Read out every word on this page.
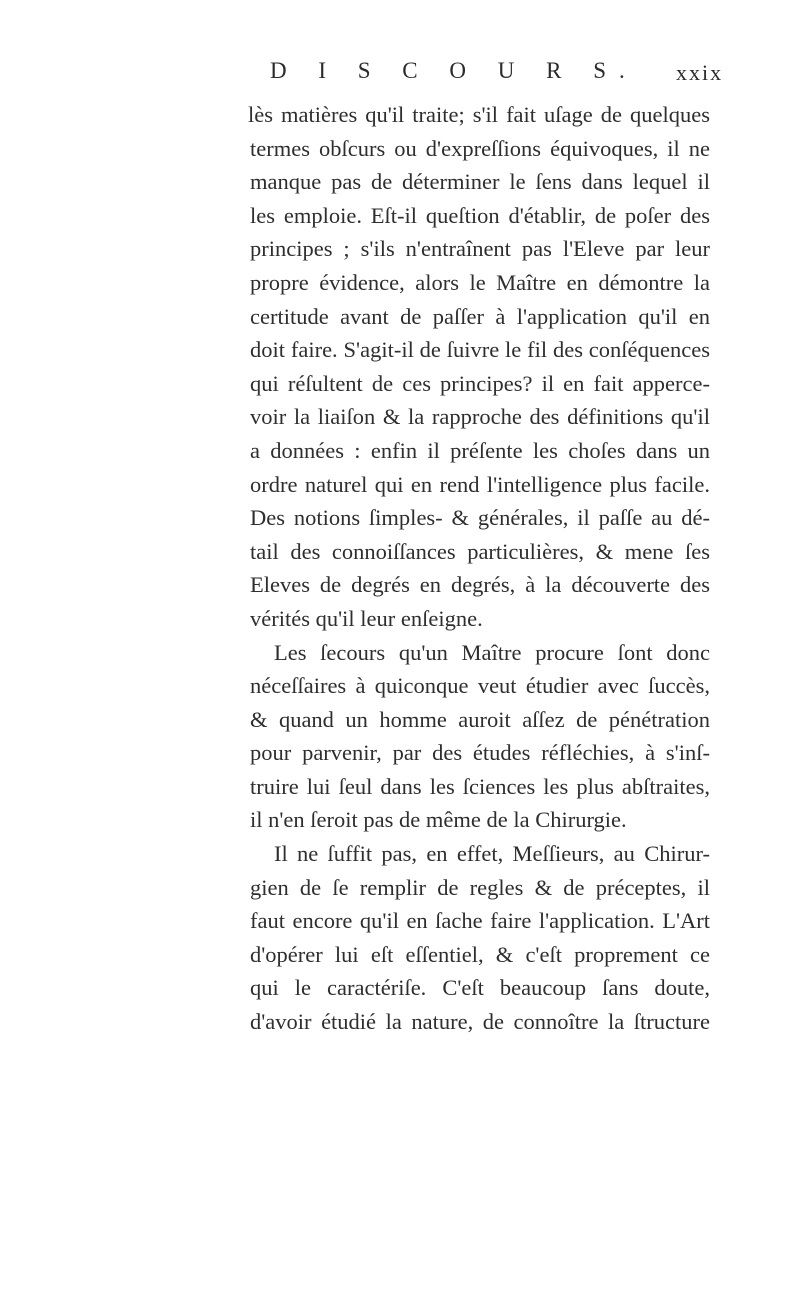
D I S C O U R S. xxix
lès matières qu'il traite; s'il fait uſage de quelques
termes obſcurs ou d'expreſſions équivoques, il ne
manque pas de déterminer le ſens dans lequel il
les emploie. Eſt-il queſtion d'établir, de poſer des
principes ; s'ils n'entraînent pas l'Eleve par leur
propre évidence, alors le Maître en démontre la
certitude avant de paſſer à l'application qu'il en
doit faire. S'agit-il de ſuivre le fil des conſéquences
qui réſultent de ces principes? il en fait apperce-
voir la liaiſon & la rapproche des définitions qu'il
a données : enfin il préſente les choſes dans un
ordre naturel qui en rend l'intelligence plus facile.
Des notions ſimples- & générales, il paſſe au dé-
tail des connoiſſances particulières, & mene ſes
Eleves de degrés en degrés, à la découverte des
vérités qu'il leur enſeigne.
Les ſecours qu'un Maître procure ſont donc
néceſſaires à quiconque veut étudier avec ſuccès,
& quand un homme auroit aſſez de pénétration
pour parvenir, par des études réfléchies, à s'inſ-
truire lui ſeul dans les ſciences les plus abſtraites,
il n'en ſeroit pas de même de la Chirurgie.
Il ne ſuffit pas, en effet, Meſſieurs, au Chirur-
gien de ſe remplir de regles & de préceptes, il
faut encore qu'il en ſache faire l'application. L'Art
d'opérer lui eſt eſſentiel, & c'eſt proprement ce
qui le caractériſe. C'eſt beaucoup ſans doute,
d'avoir étudié la nature, de connoître la ſtructure
